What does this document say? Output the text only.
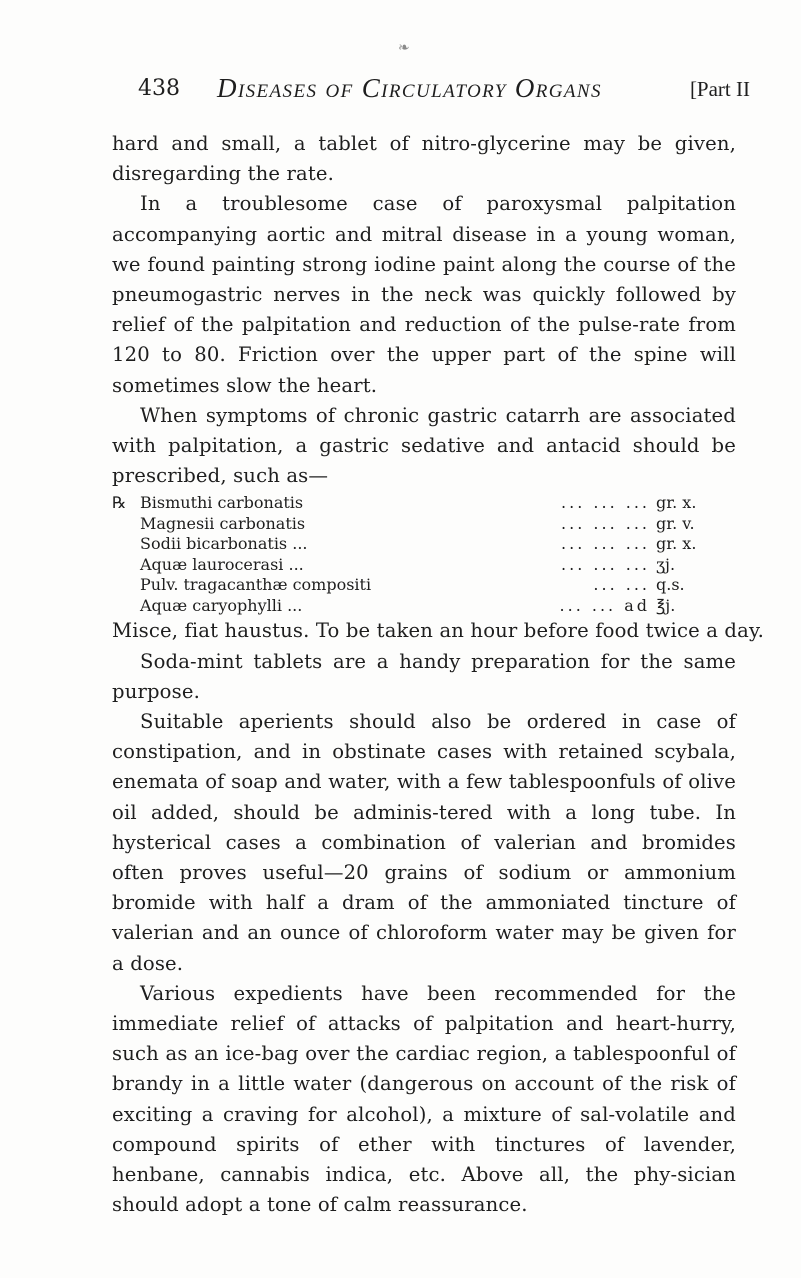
❧
438 Diseases of Circulatory Organs	[Part II

hard and small, a tablet of nitro-glycerine may be given, disregarding the rate.

In a troublesome case of paroxysmal palpitation accompanying aortic and mitral disease in a young woman, we found painting strong iodine paint along the course of the pneumogastric nerves in the neck was quickly followed by relief of the palpitation and reduction of the pulse-rate from 120 to 80. Friction over the upper part of the spine will sometimes slow the heart.

When symptoms of chronic gastric catarrh are associated with palpitation, a gastric sedative and antacid should be prescribed, such as—

℞ Bismuthi carbonatis	... ... ... gr. x.
Magnesii carbonatis	... ... ... gr. v.
Sodii bicarbonatis ...	... ... ... gr. x.
Aquæ laurocerasi ...	... ... ... ʒj.
Pulv. tragacanthæ compositi	... ... q.s.
Aquæ caryophylli ...	... ... ad ℥j.

Misce, fiat haustus. To be taken an hour before food twice a day.

Soda-mint tablets are a handy preparation for the same purpose.

Suitable aperients should also be ordered in case of constipation, and in obstinate cases with retained scybala, enemata of soap and water, with a few tablespoonfuls of olive oil added, should be adminis-tered with a long tube. In hysterical cases a combination of valerian and bromides often proves useful—20 grains of sodium or ammonium bromide with half a dram of the ammoniated tincture of valerian and an ounce of chloroform water may be given for a dose.

Various expedients have been recommended for the immediate relief of attacks of palpitation and heart-hurry, such as an ice-bag over the cardiac region, a tablespoonful of brandy in a little water (dangerous on account of the risk of exciting a craving for alcohol), a mixture of sal-volatile and compound spirits of ether with tinctures of lavender, henbane, cannabis indica, etc. Above all, the phy-sician should adopt a tone of calm reassurance.
